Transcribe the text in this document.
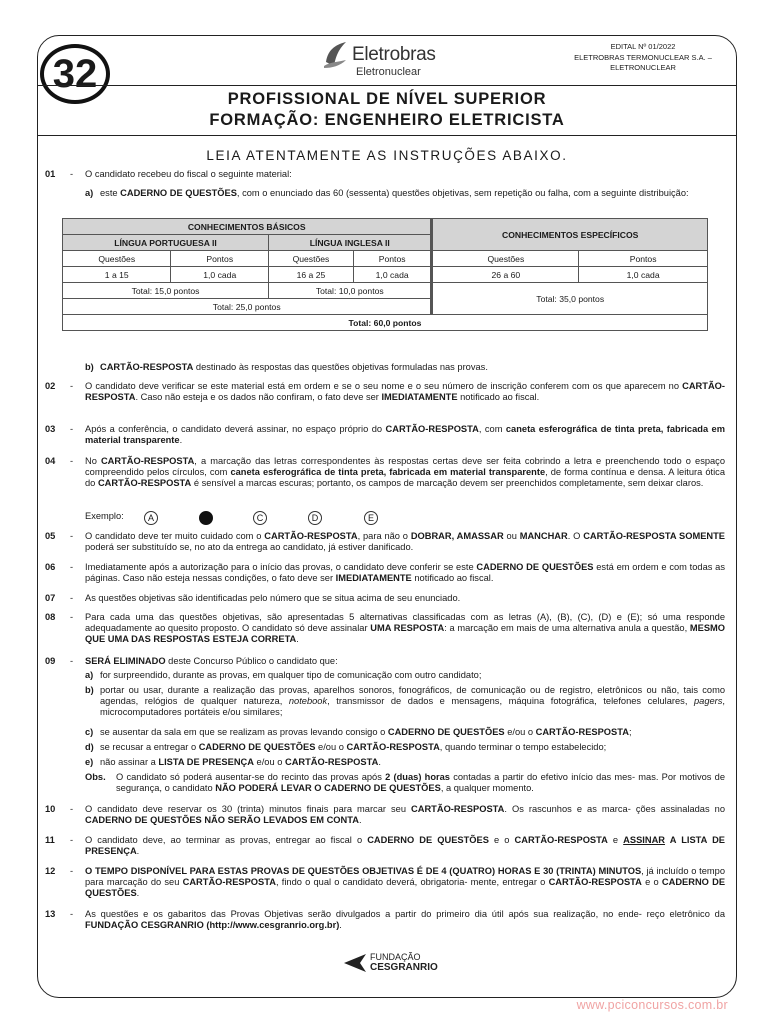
32	Eletrobras
Eletronuclear
EDITAL Nº 01/2022
ELETROBRAS TERMONUCLEAR S.A. –
ELETRONUCLEAR
PROFISSIONAL DE NÍVEL SUPERIOR
FORMAÇÃO: ENGENHEIRO ELETRICISTA
LEIA ATENTAMENTE AS INSTRUÇÕES ABAIXO.
01	- O candidato recebeu do fiscal o seguinte material:
a) este CADERNO DE QUESTÕES, com o enunciado das 60 (sessenta) questões objetivas, sem repetição ou falha, com a seguinte distribuição:
CONHECIMENTOS BÁSICOS				CONHECIMENTOS ESPECÍFICOS	
LÍNGUA PORTUGUESA II		LÍNGUA INGLESA II			
Questões	Pontos	Questões	Pontos	Questões	Pontos
1 a 15	1,0 cada	16 a 25	1,0 cada	26 a 60	1,0 cada
Total: 15,0 pontos		Total: 10,0 pontos		Total: 35,0 pontos	
Total: 25,0 pontos					
Total: 60,0 pontos					
b) CARTÃO-RESPOSTA destinado às respostas das questões objetivas formuladas nas provas.
02	- O candidato deve verificar se este material está em ordem e se o seu nome e o seu número de inscrição conferem com os que aparecem no CARTÃO-RESPOSTA. Caso não esteja e os dados não confiram, o fato deve ser IMEDIATAMENTE notificado ao fiscal.
03	- Após a conferência, o candidato deverá assinar, no espaço próprio do CARTÃO-RESPOSTA, com caneta esferográfica de tinta preta, fabricada em material transparente.
04	- No CARTÃO-RESPOSTA, a marcação das letras correspondentes às respostas certas deve ser feita cobrindo a letra e preenchendo todo o espaço compreendido pelos círculos, com caneta esferográfica de tinta preta, fabricada em material transparente, de forma contínua e densa. A leitura ótica do CARTÃO-RESPOSTA é sensível a marcas escuras; portanto, os campos de marcação devem ser preenchidos completamente, sem deixar claros.
Exemplo:	A	C	D	E
05	- O candidato deve ter muito cuidado com o CARTÃO-RESPOSTA, para não o DOBRAR, AMASSAR ou MANCHAR. O CARTÃO-RESPOSTA SOMENTE poderá ser substituído se, no ato da entrega ao candidato, já estiver danificado.
06	- Imediatamente após a autorização para o início das provas, o candidato deve conferir se este CADERNO DE QUESTÕES está em ordem e com todas as páginas. Caso não esteja nessas condições, o fato deve ser IMEDIATAMENTE notificado ao fiscal.
07	- As questões objetivas são identificadas pelo número que se situa acima de seu enunciado.
08	- Para cada uma das questões objetivas, são apresentadas 5 alternativas classificadas com as letras (A), (B), (C), (D) e (E); só uma responde adequadamente ao quesito proposto. O candidato só deve assinalar UMA RESPOSTA: a marcação em mais de uma alternativa anula a questão, MESMO QUE UMA DAS RESPOSTAS ESTEJA CORRETA.
09	- SERÁ ELIMINADO deste Concurso Público o candidato que:
a) for surpreendido, durante as provas, em qualquer tipo de comunicação com outro candidato;
b) portar ou usar, durante a realização das provas, aparelhos sonoros, fonográficos, de comunicação ou de registro, eletrônicos ou não, tais como agendas, relógios de qualquer natureza, notebook, transmissor de dados e mensagens, máquina fotográfica, telefones celulares, pagers, microcomputadores portáteis e/ou similares;
c) se ausentar da sala em que se realizam as provas levando consigo o CADERNO DE QUESTÕES e/ou o CARTÃO-RESPOSTA;
d) se recusar a entregar o CADERNO DE QUESTÕES e/ou o CARTÃO-RESPOSTA, quando terminar o tempo estabelecido;
e) não assinar a LISTA DE PRESENÇA e/ou o CARTÃO-RESPOSTA.
Obs. O candidato só poderá ausentar-se do recinto das provas após 2 (duas) horas contadas a partir do efetivo início das mes- mas. Por motivos de segurança, o candidato NÃO PODERÁ LEVAR O CADERNO DE QUESTÕES, a qualquer momento.
10	- O candidato deve reservar os 30 (trinta) minutos finais para marcar seu CARTÃO-RESPOSTA. Os rascunhos e as marca- ções assinaladas no CADERNO DE QUESTÕES NÃO SERÃO LEVADOS EM CONTA.
11	- O candidato deve, ao terminar as provas, entregar ao fiscal o CADERNO DE QUESTÕES e o CARTÃO-RESPOSTA e ASSINAR A LISTA DE PRESENÇA.
12	- O TEMPO DISPONÍVEL PARA ESTAS PROVAS DE QUESTÕES OBJETIVAS É DE 4 (QUATRO) HORAS E 30 (TRINTA) MINUTOS, já incluído o tempo para marcação do seu CARTÃO-RESPOSTA, findo o qual o candidato deverá, obrigatoria- mente, entregar o CARTÃO-RESPOSTA e o CADERNO DE QUESTÕES.
13	- As questões e os gabaritos das Provas Objetivas serão divulgados a partir do primeiro dia útil após sua realização, no ende- reço eletrônico da FUNDAÇÃO CESGRANRIO (http://www.cesgranrio.org.br).
FUNDAÇÃO
CESGRANRIO
www.pciconcursos.com.br
